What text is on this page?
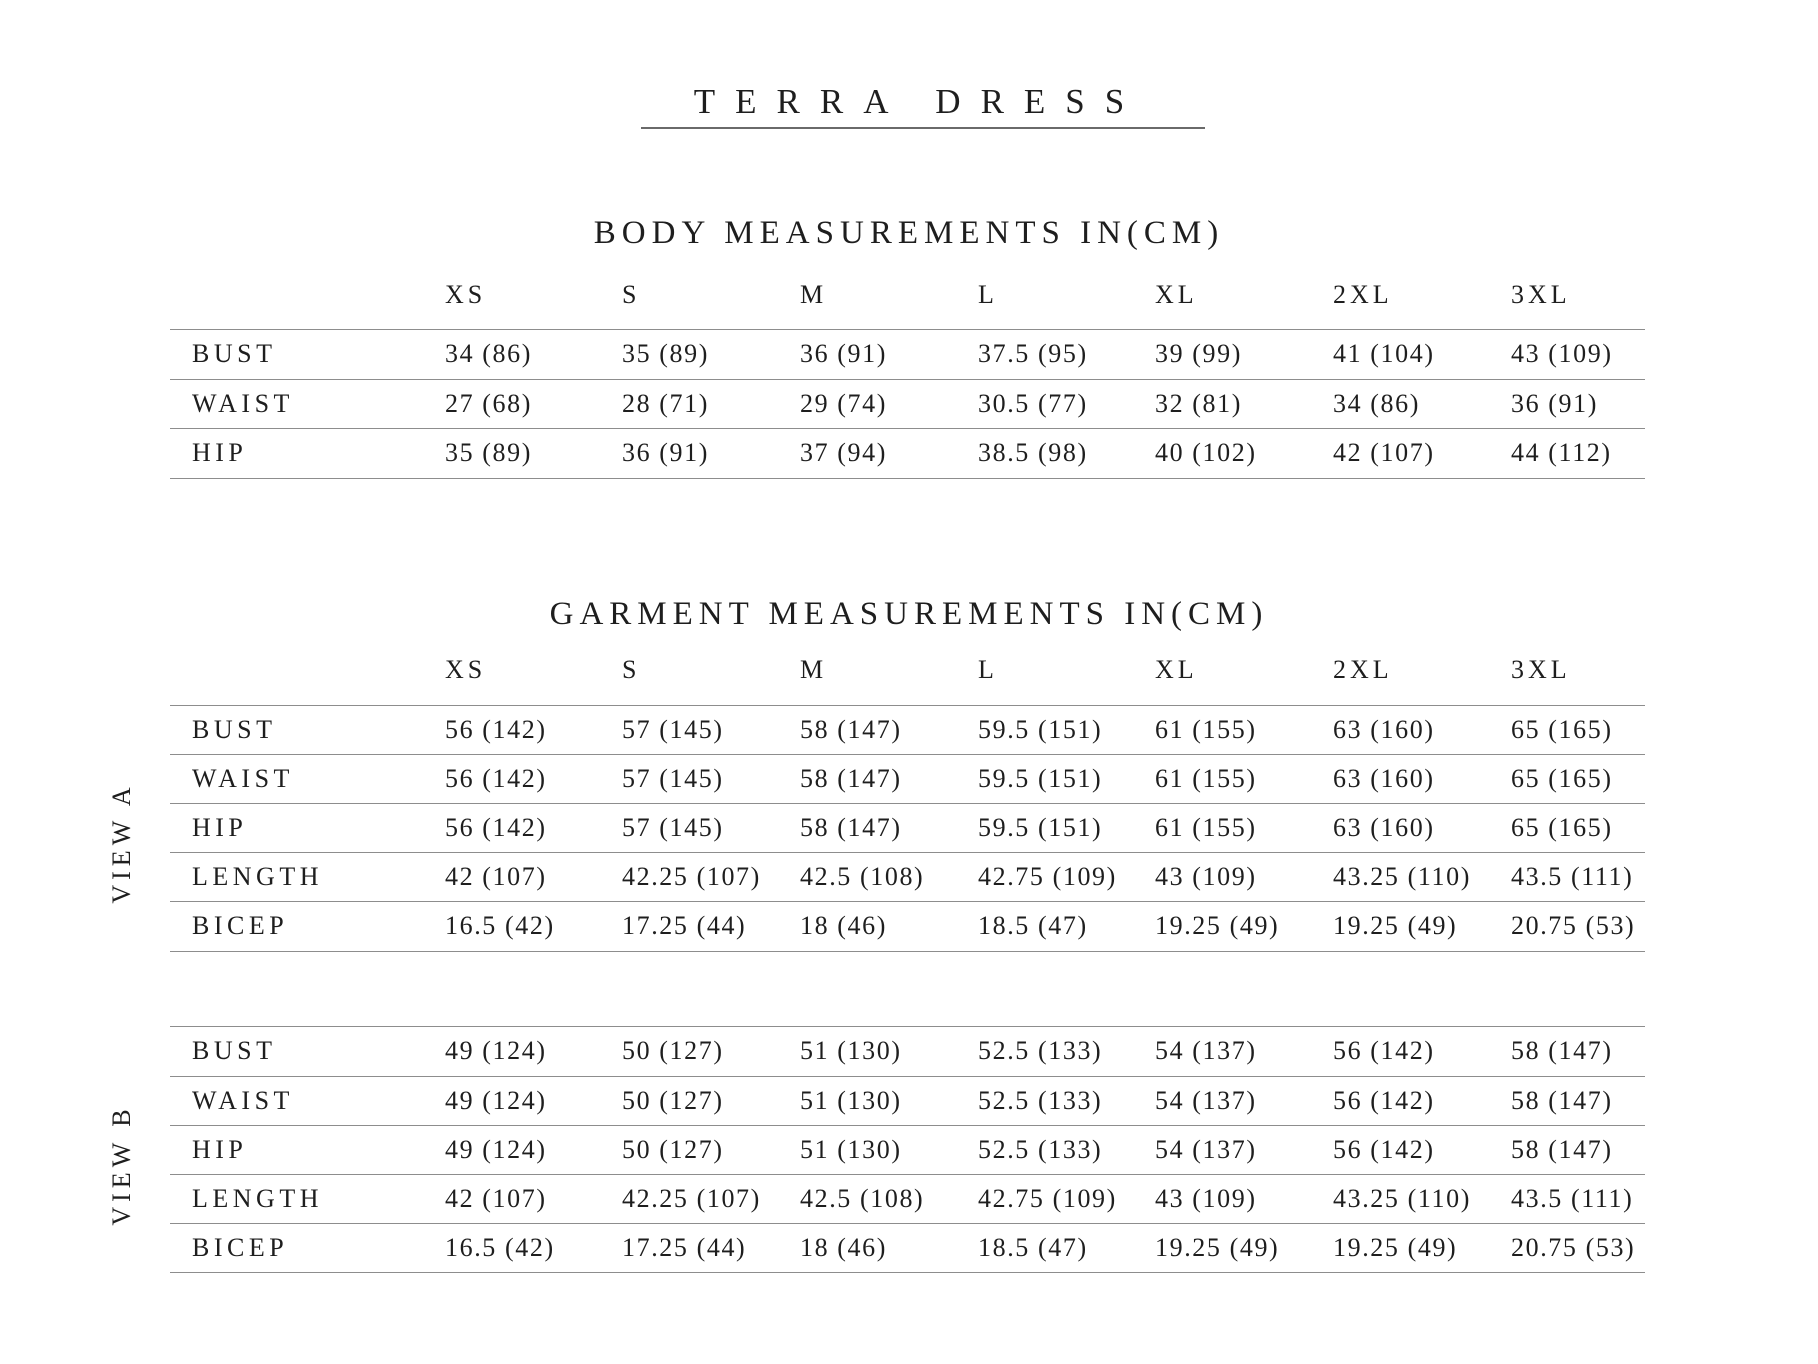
TERRA DRESS
BODY MEASUREMENTS IN(CM)
XS	S	M	L	XL	2XL	3XL
BUST	34 (86)	35 (89)	36 (91)	37.5 (95)	39 (99)	41 (104)	43 (109)
WAIST	27 (68)	28 (71)	29 (74)	30.5 (77)	32 (81)	34 (86)	36 (91)
HIP	35 (89)	36 (91)	37 (94)	38.5 (98)	40 (102)	42 (107)	44 (112)
GARMENT MEASUREMENTS IN(CM)
XS	S	M	L	XL	2XL	3XL
VIEW A
BUST	56 (142)	57 (145)	58 (147)	59.5 (151) 61 (155)	63 (160)	65 (165)
WAIST	56 (142)	57 (145)	58 (147)	59.5 (151) 61 (155)	63 (160)	65 (165)
HIP	56 (142)	57 (145)	58 (147)	59.5 (151) 61 (155)	63 (160)	65 (165)
LENGTH	42 (107)	42.25 (107) 42.5 (108) 42.75 (109) 43 (109)	43.25 (110) 43.5 (111)
BICEP	16.5 (42)	17.25 (44) 18 (46)	18.5 (47)	19.25 (49) 19.25 (49) 20.75 (53)
VIEW B
BUST	49 (124)	50 (127)	51 (130)	52.5 (133) 54 (137)	56 (142)	58 (147)
WAIST	49 (124)	50 (127)	51 (130)	52.5 (133) 54 (137)	56 (142)	58 (147)
HIP	49 (124)	50 (127)	51 (130)	52.5 (133) 54 (137)	56 (142)	58 (147)
LENGTH	42 (107)	42.25 (107) 42.5 (108) 42.75 (109) 43 (109)	43.25 (110) 43.5 (111)
BICEP	16.5 (42)	17.25 (44) 18 (46)	18.5 (47)	19.25 (49) 19.25 (49) 20.75 (53)
